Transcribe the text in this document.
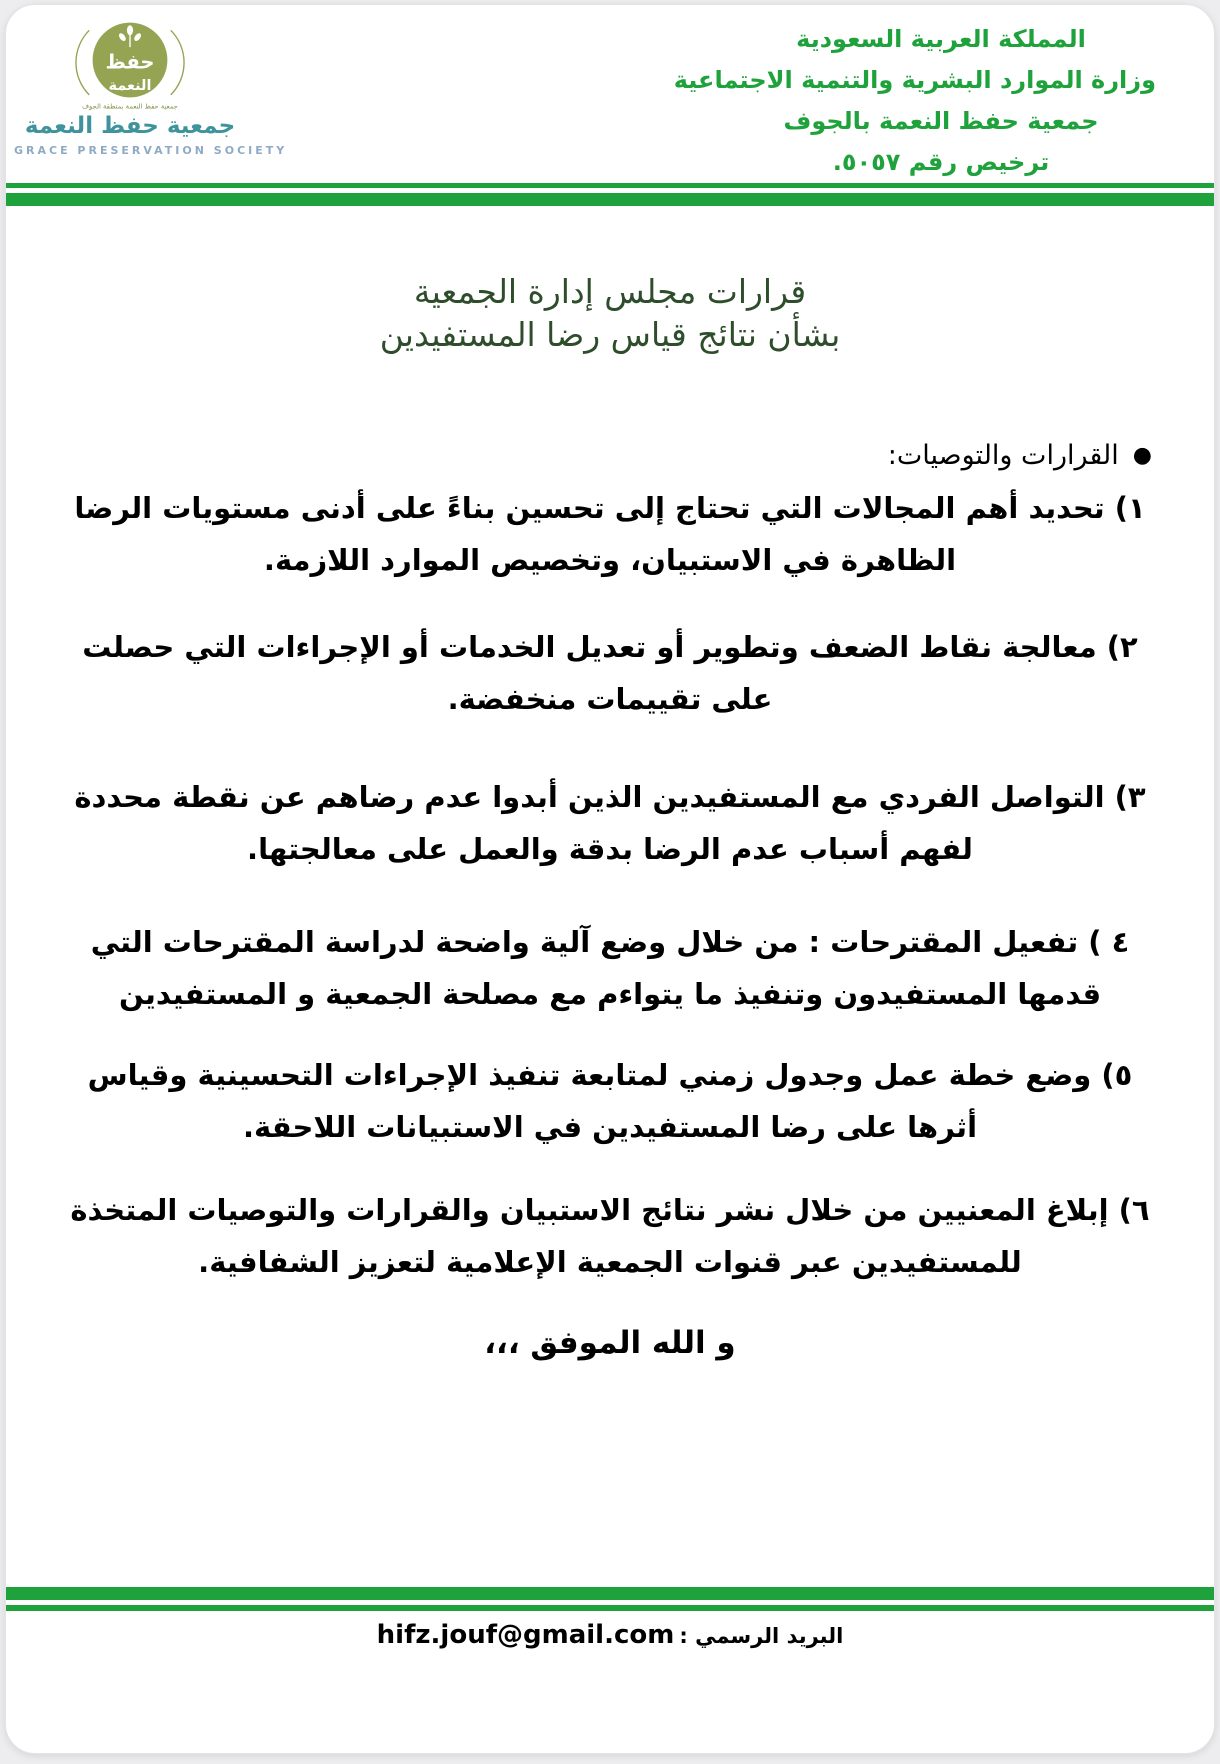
حفظ
النعمة
جمعية حفظ النعمة بمنطقة الجوف
جمعية حفظ النعمة
GRACE PRESERVATION SOCIETY
المملكة العربية السعودية
وزارة الموارد البشرية والتنمية الاجتماعية
جمعية حفظ النعمة بالجوف
ترخيص رقم ٥٠٥٧.
قرارات مجلس إدارة الجمعية
بشأن نتائج قياس رضا المستفيدين
●القرارات والتوصيات:

١) تحديد أهم المجالات التي تحتاج إلى تحسين بناءً على أدنى مستويات الرضا الظاهرة في الاستبيان، وتخصيص الموارد اللازمة.

٢) معالجة نقاط الضعف وتطوير أو تعديل الخدمات أو الإجراءات التي حصلت على تقييمات منخفضة.

٣) التواصل الفردي مع المستفيدين الذين أبدوا عدم رضاهم عن نقطة محددة لفهم أسباب عدم الرضا بدقة والعمل على معالجتها.

٤ ) تفعيل المقترحات : من خلال وضع آلية واضحة لدراسة المقترحات التي قدمها المستفيدون وتنفيذ ما يتواءم مع مصلحة الجمعية و المستفيدين

٥) وضع خطة عمل وجدول زمني لمتابعة تنفيذ الإجراءات التحسينية وقياس أثرها على رضا المستفيدين في الاستبيانات اللاحقة.

٦) إبلاغ المعنيين من خلال نشر نتائج الاستبيان والقرارات والتوصيات المتخذة للمستفيدين عبر قنوات الجمعية الإعلامية لتعزيز الشفافية.

و الله الموفق ،،،
البريد الرسمي : hifz.jouf@gmail.com
